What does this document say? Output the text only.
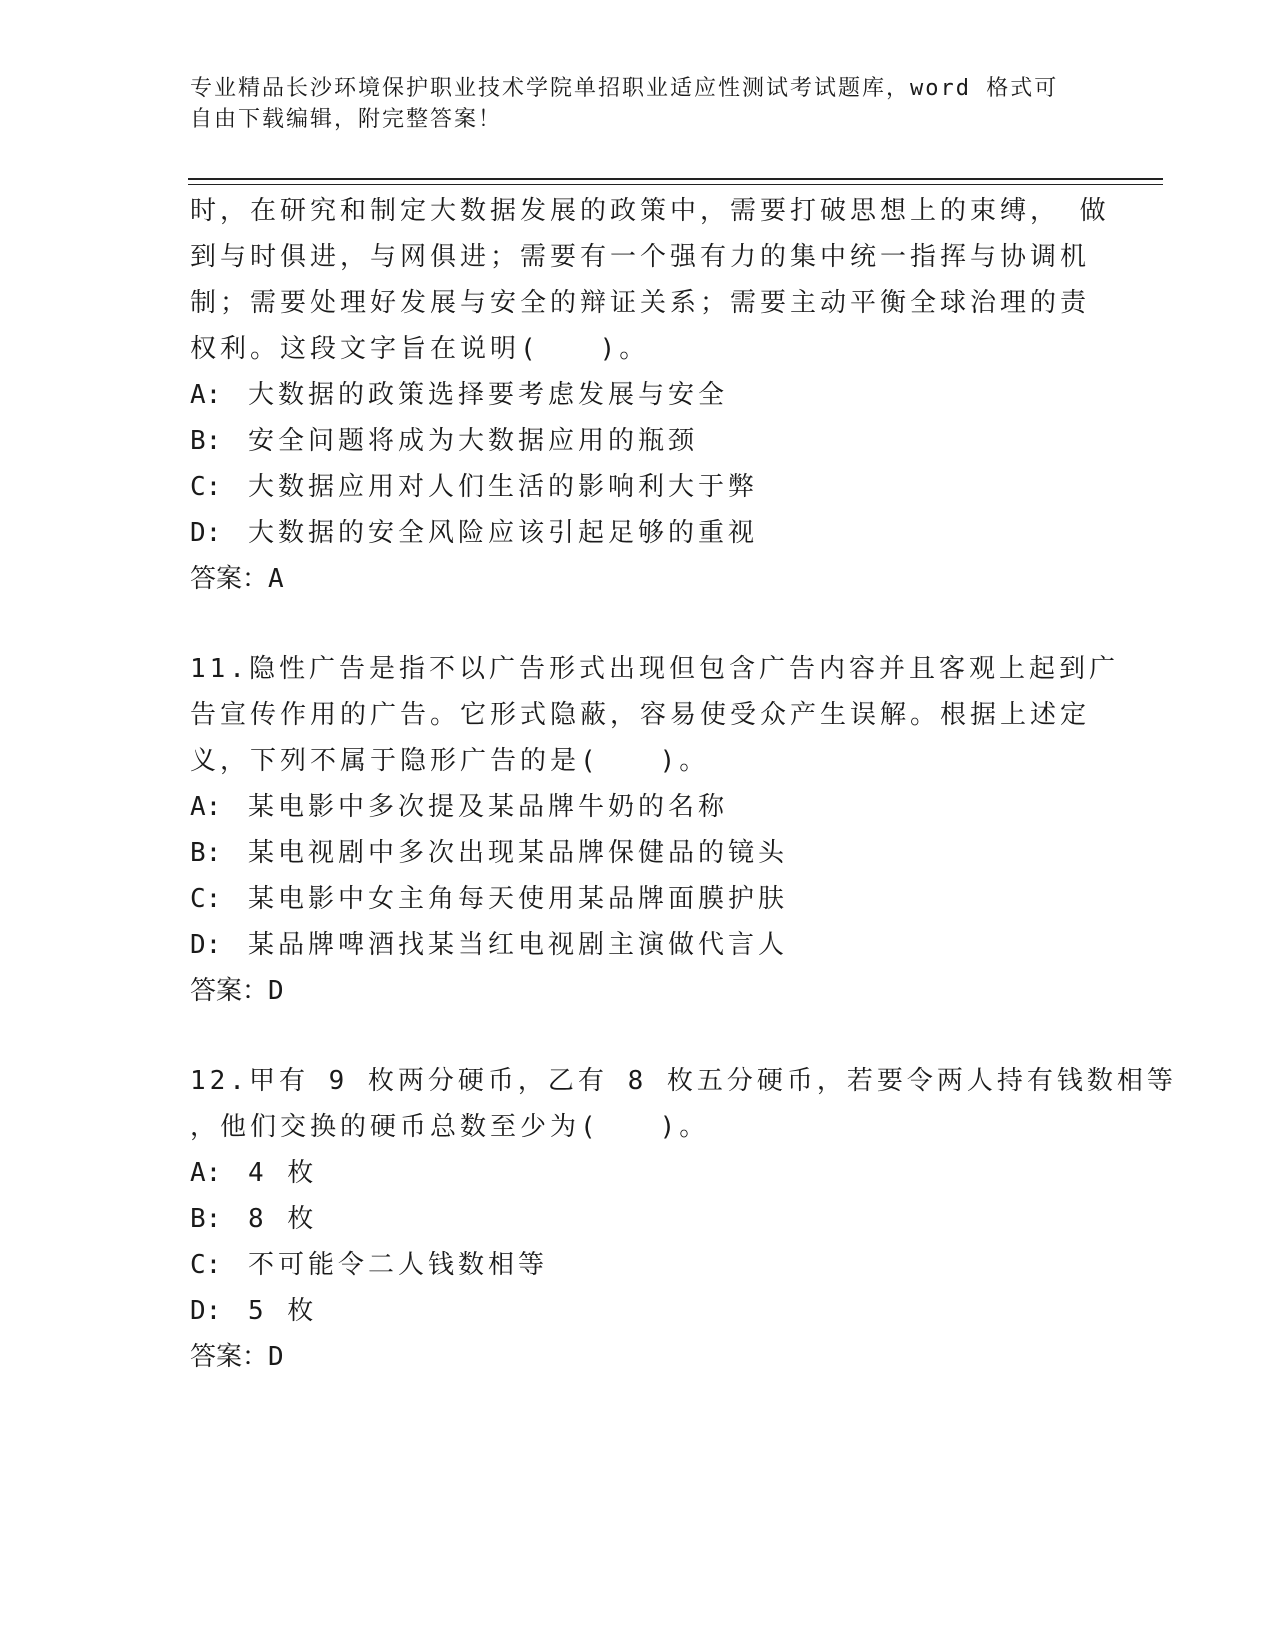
专业精品长沙环境保护职业技术学院单招职业适应性测试考试题库，word 格式可
自由下载编辑，附完整答案！
时，在研究和制定大数据发展的政策中，需要打破思想上的束缚， 做
到与时俱进，与网俱进；需要有一个强有力的集中统一指挥与协调机
制；需要处理好发展与安全的辩证关系；需要主动平衡全球治理的责
权利。这段文字旨在说明(　　)。
A:	大数据的政策选择要考虑发展与安全
B:	安全问题将成为大数据应用的瓶颈
C:	大数据应用对人们生活的影响利大于弊
D:	大数据的安全风险应该引起足够的重视
答案：A
11.隐性广告是指不以广告形式出现但包含广告内容并且客观上起到广
告宣传作用的广告。它形式隐蔽，容易使受众产生误解。根据上述定
义，下列不属于隐形广告的是(　　)。
A:	某电影中多次提及某品牌牛奶的名称
B:	某电视剧中多次出现某品牌保健品的镜头
C:	某电影中女主角每天使用某品牌面膜护肤
D:	某品牌啤酒找某当红电视剧主演做代言人
答案：D
12.甲有 9 枚两分硬币，乙有 8 枚五分硬币，若要令两人持有钱数相等
，他们交换的硬币总数至少为(　　)。
A:	4 枚
B:	8 枚
C:	不可能令二人钱数相等
D:	5 枚
答案：D
